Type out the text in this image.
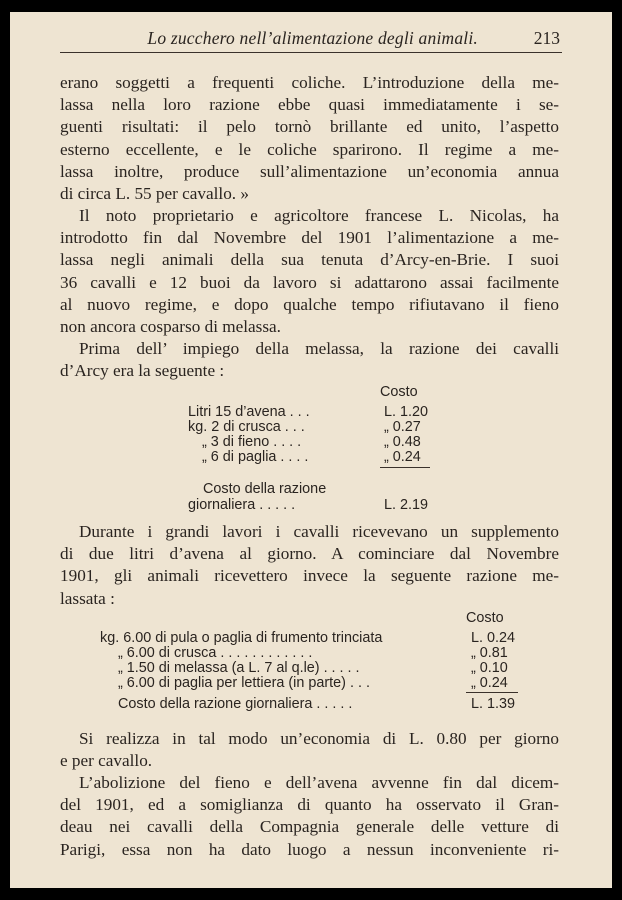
Lo zucchero nell’alimentazione degli animali.	213
erano soggetti a frequenti coliche. L’introduzione della me-
lassa nella loro razione ebbe quasi immediatamente i se-
guenti risultati: il pelo tornò brillante ed unito, l’aspetto
esterno eccellente, e le coliche sparirono. Il regime a me-
lassa inoltre, produce sull’alimentazione un’economia annua
di circa L. 55 per cavallo. »
Il noto proprietario e agricoltore francese L. Nicolas, ha
introdotto fin dal Novembre del 1901 l’alimentazione a me-
lassa negli animali della sua tenuta d’Arcy-en-Brie. I suoi
36 cavalli e 12 buoi da lavoro si adattarono assai facilmente
al nuovo regime, e dopo qualche tempo rifiutavano il fieno
non ancora cosparso di melassa.
Prima dell’ impiego della melassa, la razione dei cavalli
d’Arcy era la seguente :
Costo
Litri 15 d’avena . . .	L. 1.20
kg. 2 di crusca . . .	„ 0.27
„ 3 di fieno . . . .	„ 0.48
„ 6 di paglia . . . .	„ 0.24
Costo della razione
giornaliera . . . . .	L. 2.19
Durante i grandi lavori i cavalli ricevevano un supplemento
di due litri d’avena al giorno. A cominciare dal Novembre
1901, gli animali ricevettero invece la seguente razione me-
lassata :
Costo
kg. 6.00 di pula o paglia di frumento trinciata	L. 0.24
„ 6.00 di crusca . . . . . . . . . . . .	„ 0.81
„ 1.50 di melassa (a L. 7 al q.le) . . . . .	„ 0.10
„ 6.00 di paglia per lettiera (in parte) . . .	„ 0.24
Costo della razione giornaliera . . . . .	L. 1.39
Si realizza in tal modo un’economia di L. 0.80 per giorno
e per cavallo.
L’abolizione del fieno e dell’avena avvenne fin dal dicem-
del 1901, ed a somiglianza di quanto ha osservato il Gran-
deau nei cavalli della Compagnia generale delle vetture di
Parigi, essa non ha dato luogo a nessun inconveniente ri-
